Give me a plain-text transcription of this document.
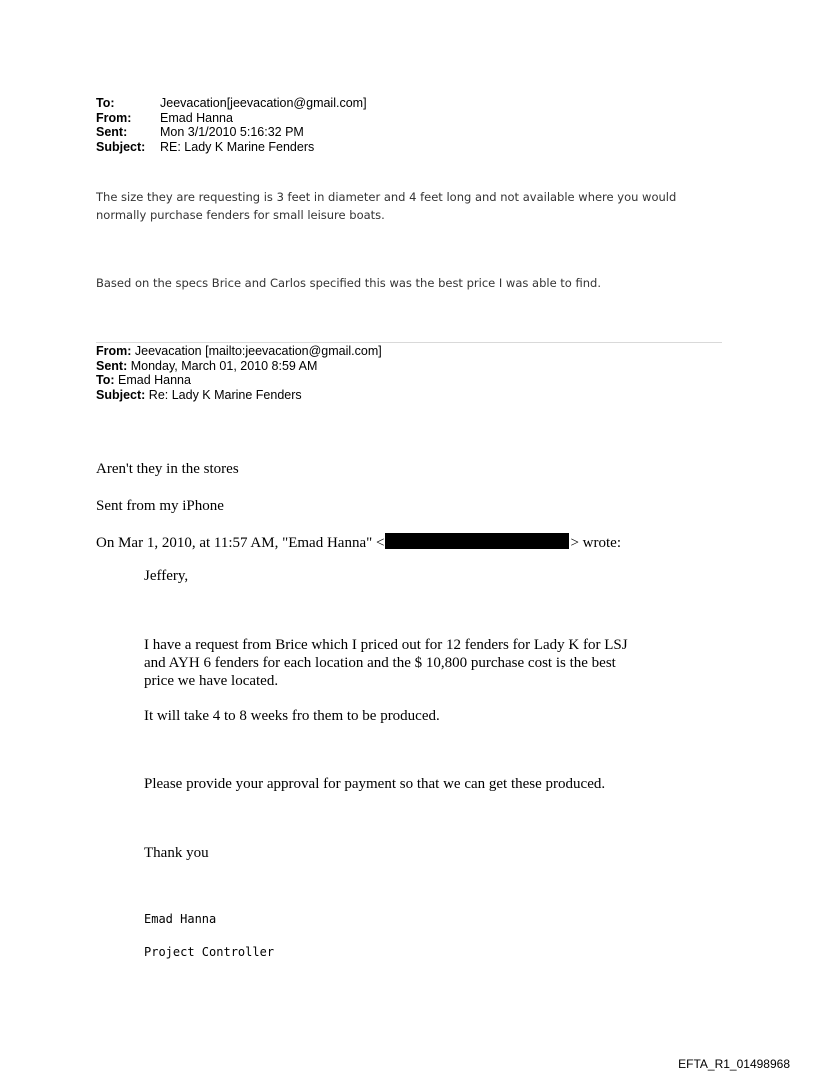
To:	Jeevacation[jeevacation@gmail.com]
From:	Emad Hanna
Sent:	Mon 3/1/2010 5:16:32 PM
Subject:	RE: Lady K Marine Fenders
The size they are requesting is 3 feet in diameter and 4 feet long and not available where you would normally purchase fenders for small leisure boats.
Based on the specs Brice and Carlos specified this was the best price I was able to find.
From: Jeevacation [mailto:jeevacation@gmail.com]
Sent: Monday, March 01, 2010 8:59 AM
To: Emad Hanna
Subject: Re: Lady K Marine Fenders
Aren't they in the stores
Sent from my iPhone
On Mar 1, 2010, at 11:57 AM, "Emad Hanna" <	> wrote:
Jeffery,
I have a request from Brice which I priced out for 12 fenders for Lady K for LSJ
and AYH 6 fenders for each location and the $ 10,800 purchase cost is the best
price we have located.
It will take 4 to 8 weeks fro them to be produced.
Please provide your approval for payment so that we can get these produced.
Thank you
Emad Hanna
Project Controller
EFTA_R1_01498968
